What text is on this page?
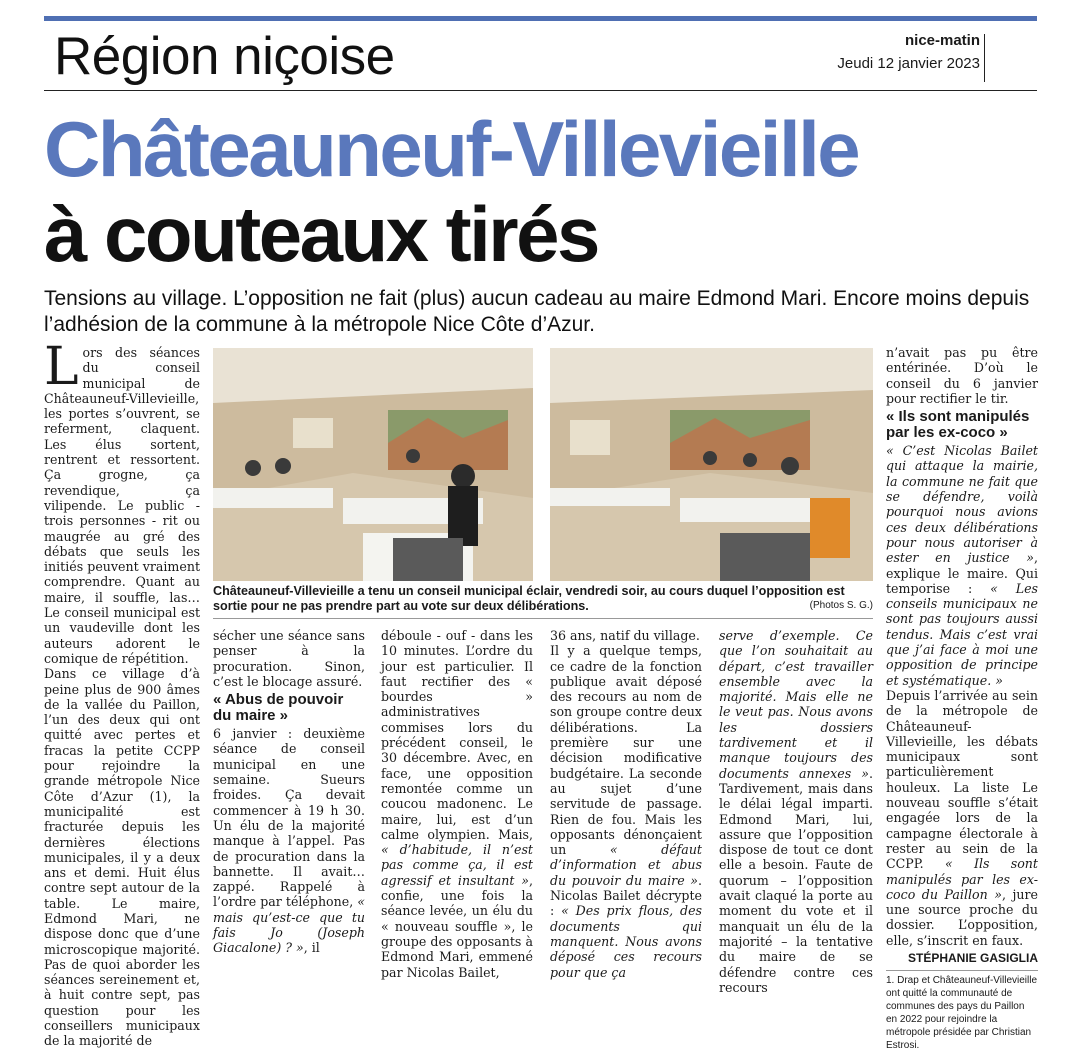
Région niçoise	nice-matin
Jeudi 12 janvier 2023
Châteauneuf-Villevieille
à couteaux tirés
Tensions au village. L’opposition ne fait (plus) aucun cadeau au maire Edmond Mari. Encore moins depuis l’adhésion de la commune à la métropole Nice Côte d’Azur.

Lors des séances du conseil municipal de Châteauneuf-Villevieille, les portes s’ouvrent, se referment, claquent. Les élus sortent, rentrent et ressortent. Ça grogne, ça revendique, ça vilipende. Le public - trois personnes - rit ou maugrée au gré des débats que seuls les initiés peuvent vraiment comprendre. Quant au maire, il souffle, las… Le conseil municipal est un vaudeville dont les auteurs adorent le comique de répétition.

Dans ce village d’à peine plus de 900 âmes de la vallée du Paillon, l’un des deux qui ont quitté avec pertes et fracas la petite CCPP pour rejoindre la grande métropole Nice Côte d’Azur (1), la municipalité est fracturée depuis les dernières élections municipales, il y a deux ans et demi. Huit élus contre sept autour de la table. Le maire, Edmond Mari, ne dispose donc que d’une microscopique majorité. Pas de quoi aborder les séances sereinement et, à huit contre sept, pas question pour les conseillers municipaux de la majorité de

Châteauneuf-Villevieille a tenu un conseil municipal éclair, vendredi soir, au cours duquel l’opposition est sortie pour ne pas prendre part au vote sur deux délibérations.	(Photos S. G.)

sécher une séance sans penser à la procuration. Sinon, c’est le blocage assuré.

« Abus de pouvoir du maire »

6 janvier : deuxième séance de conseil municipal en une semaine. Sueurs froides. Ça devait commencer à 19 h 30. Un élu de la majorité manque à l’appel. Pas de procuration dans la bannette. Il avait… zappé. Rappelé à l’ordre par téléphone, « mais qu’est-ce que tu fais Jo (Joseph Giacalone) ? », il

déboule - ouf - dans les 10 minutes. L’ordre du jour est particulier. Il faut rectifier des « bourdes » administratives commises lors du précédent conseil, le 30 décembre. Avec, en face, une opposition remontée comme un coucou madonenc. Le maire, lui, est d’un calme olympien. Mais, « d’habitude, il n’est pas comme ça, il est agressif et insultant », confie, une fois la séance levée, un élu du « nouveau souffle », le groupe des opposants à Edmond Mari, emmené par Nicolas Bailet,

36 ans, natif du village.

Il y a quelque temps, ce cadre de la fonction publique avait déposé des recours au nom de son groupe contre deux délibérations. La première sur une décision modificative budgétaire. La seconde au sujet d’une servitude de passage. Rien de fou. Mais les opposants dénonçaient un « défaut d’information et abus du pouvoir du maire ». Nicolas Bailet décrypte : « Des prix flous, des documents qui manquent. Nous avons déposé ces recours pour que ça

serve d’exemple. Ce que l’on souhaitait au départ, c’est travailler ensemble avec la majorité. Mais elle ne le veut pas. Nous avons les dossiers tardivement et il manque toujours des documents annexes ». Tardivement, mais dans le délai légal imparti. Edmond Mari, lui, assure que l’opposition dispose de tout ce dont elle a besoin. Faute de quorum – l’opposition avait claqué la porte au moment du vote et il manquait un élu de la majorité – la tentative du maire de se défendre contre ces recours

n’avait pas pu être entérinée. D’où le conseil du 6 janvier pour rectifier le tir.

« Ils sont manipulés par les ex-coco »

« C’est Nicolas Bailet qui attaque la mairie, la commune ne fait que se défendre, voilà pourquoi nous avions ces deux délibérations pour nous autoriser à ester en justice », explique le maire. Qui temporise : « Les conseils municipaux ne sont pas toujours aussi tendus. Mais c’est vrai que j’ai face à moi une opposition de principe et systématique. »

Depuis l’arrivée au sein de la métropole de Châteauneuf-Villevieille, les débats municipaux sont particulièrement houleux. La liste Le nouveau souffle s’était engagée lors de la campagne électorale à rester au sein de la CCPP. « Ils sont manipulés par les ex-coco du Paillon », jure une source proche du dossier. L’opposition, elle, s’inscrit en faux.

STÉPHANIE GASIGLIA
1. Drap et Châteauneuf-Villevieille ont quitté la communauté de communes des pays du Paillon en 2022 pour rejoindre la métropole présidée par Christian Estrosi.
